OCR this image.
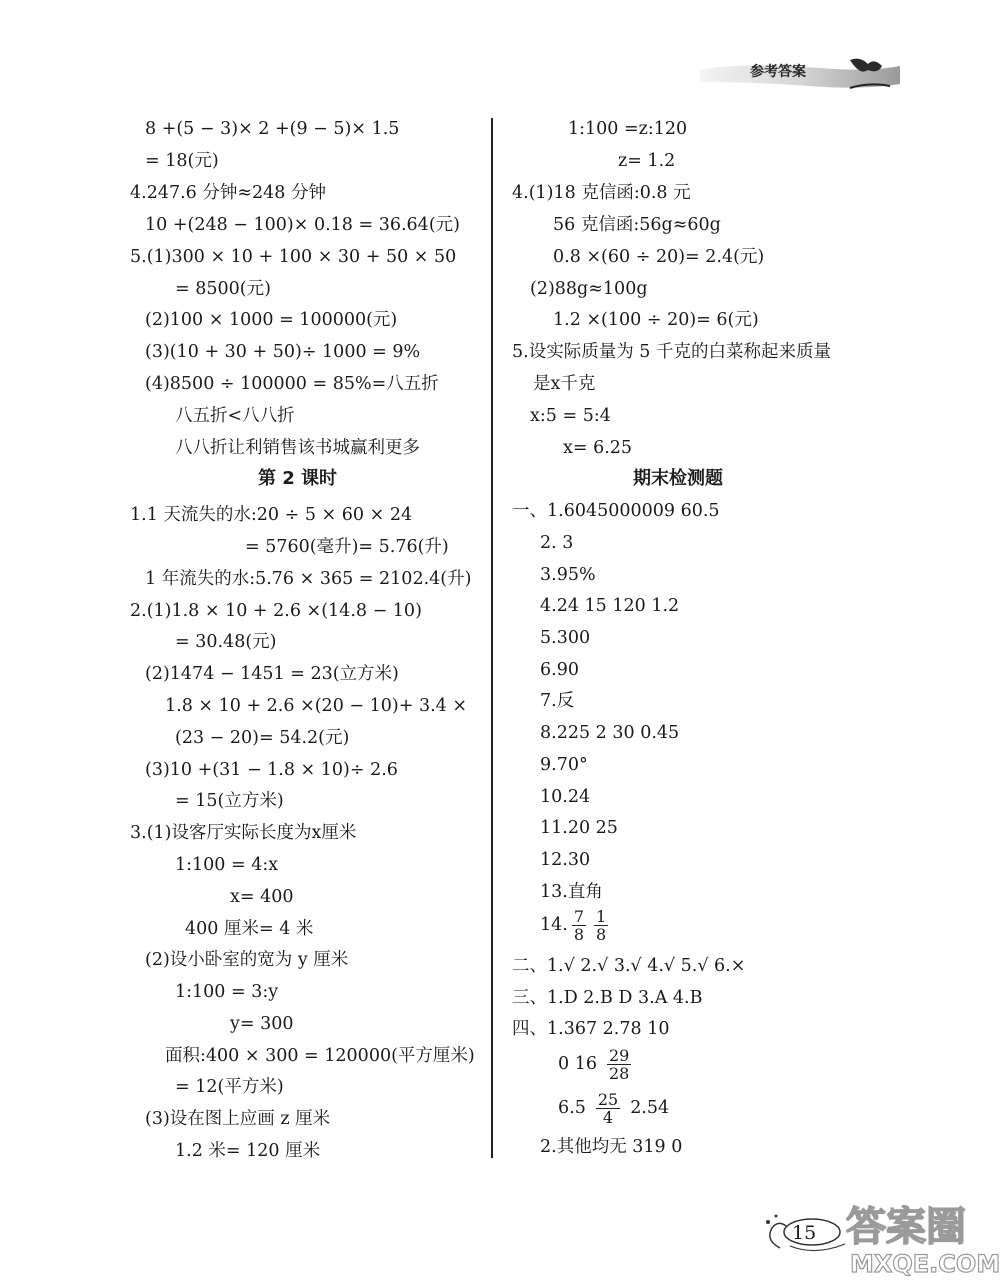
参考答案
8 +(5 − 3)× 2 +(9 − 5)× 1.5
= 18(元)
4.247.6 分钟≈248 分钟
10 +(248 − 100)× 0.18 = 36.64(元)
5.(1)300 × 10 + 100 × 30 + 50 × 50
= 8500(元)
(2)100 × 1000 = 100000(元)
(3)(10 + 30 + 50)÷ 1000 = 9%
(4)8500 ÷ 100000 = 85%=八五折
八五折<八八折
八八折让利销售该书城赢利更多
第 2 课时
1.1 天流失的水:20 ÷ 5 × 60 × 24
= 5760(毫升)= 5.76(升)
1 年流失的水:5.76 × 365 = 2102.4(升)
2.(1)1.8 × 10 + 2.6 ×(14.8 − 10)
= 30.48(元)
(2)1474 − 1451 = 23(立方米)
1.8 × 10 + 2.6 ×(20 − 10)+ 3.4 ×
(23 − 20)= 54.2(元)
(3)10 +(31 − 1.8 × 10)÷ 2.6
= 15(立方米)
3.(1)设客厅实际长度为x厘米
1:100 = 4:x
x= 400
400 厘米= 4 米
(2)设小卧室的宽为 y 厘米
1:100 = 3:y
y= 300
面积:400 × 300 = 120000(平方厘米)
= 12(平方米)
(3)设在图上应画 z 厘米
1.2 米= 120 厘米
1:100 =z:120
z= 1.2
4.(1)18 克信函:0.8 元
56 克信函:56g≈60g
0.8 ×(60 ÷ 20)= 2.4(元)
(2)88g≈100g
1.2 ×(100 ÷ 20)= 6(元)
5.设实际质量为 5 千克的白菜称起来质量
是x千克
x:5 = 5:4
x= 6.25
期末检测题
一、1.6045000009 60.5
2. 3
3.95%
4.24 15 120 1.2
5.300
6.90
7.反
8.225 2 30 0.45
9.70°
10.24
11.20 25
12.30
13.直角
14. $\frac{7}{8} \frac{1}{8}$
二、1.√ 2.√ 3.√ 4.√ 5.√ 6.×
三、1.D 2.B D 3.A 4.B
四、1.367 2.78 10
0 $16 \frac{29}{28}$
$6.5 \frac{25}{4} 2.54$
2.其他均无 319 0
15 答案圈
MXQE.COM
